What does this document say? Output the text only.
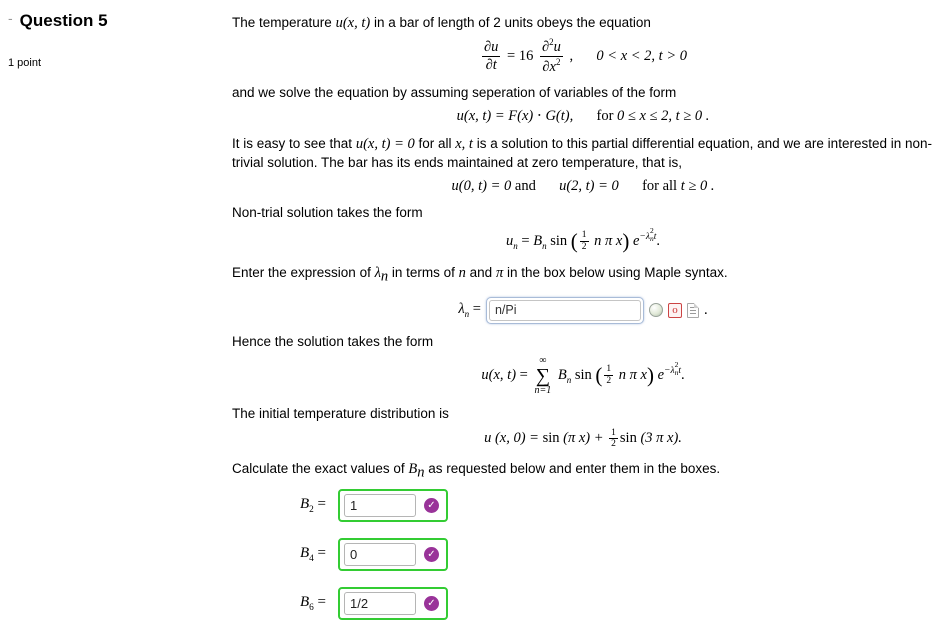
- Question 5
1 point

The temperature u(x, t) in a bar of length of 2 units obeys the equation

$\frac{\partial u}{\partial t} = 16 \frac{\partial^2u}{\partial x^2}$ , 0 < x < 2, t > 0

and we solve the equation by assuming seperation of variables of the form

u(x, t) = F(x) ⋅ G(t), for 0 ≤ x ≤ 2, t ≥ 0 .

It is easy to see that u(x, t) = 0 for all x, t is a solution to this partial differential equation, and we are interested in non-trivial solution. The bar has its ends maintained at zero temperature, that is,

u(0, t) = 0 and u(2, t) = 0 for all t ≥ 0 .

Non-trial solution takes the form

$u_n = B_n$ sin ( $\frac{1}{2}$ n π x) $e^{-\lambda 2 n t}$.

Enter the expression of $\lambda_n$ in terms of n and π in the box below using Maple syntax.

$\lambda_n$ =
n/Pi	o .

Hence the solution takes the form

u(x, t) =
∞
∑
n=1
$B_n$ sin ( $\frac{1}{2}$ n π x) $e^{-\lambda 2 n t}$.

The initial temperature distribution is

u (x, 0) = sin (π $x) + \frac{1}{2}$ sin (3 π x).

Calculate the exact values of $B_n$ as requested below and enter them in the boxes.

$B_2$ =
1	✓
$B_4$ =
0	✓
$B_6$ =
1/2	✓
